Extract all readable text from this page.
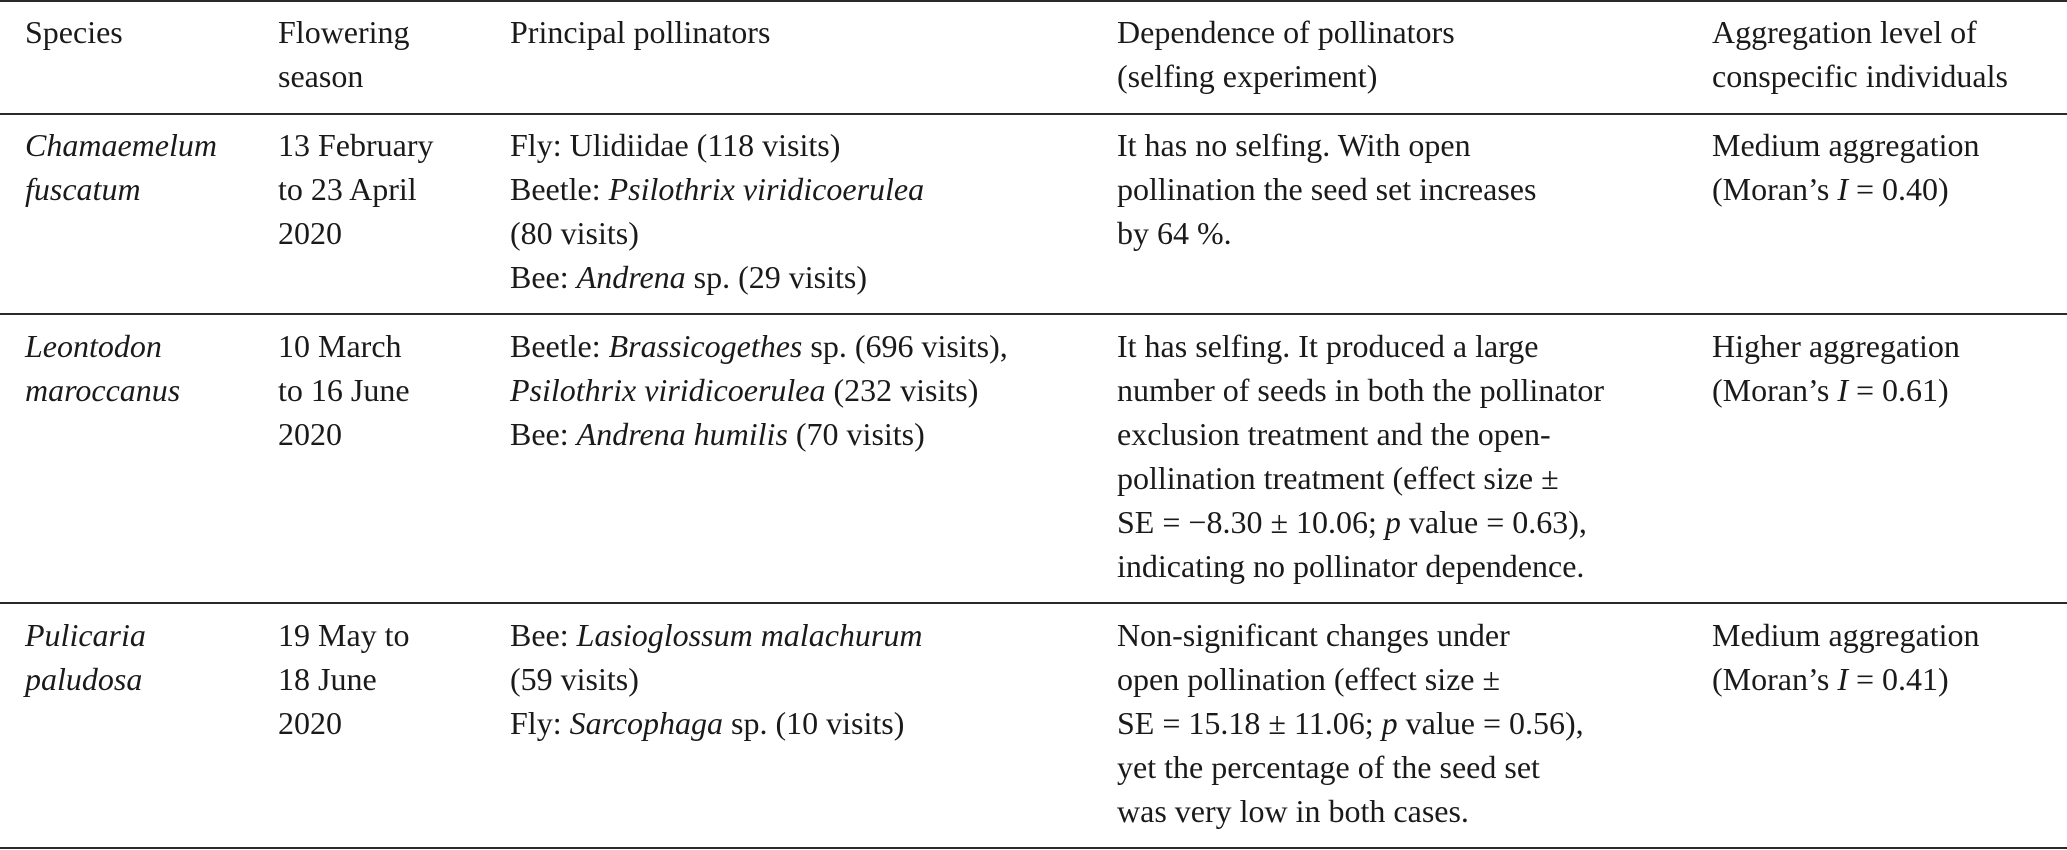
Species	Flowering
season
Principal pollinators	Dependence of pollinators
(selfing experiment)
Aggregation level of
conspecific individuals
Chamaemelum
fuscatum
13 February
to 23 April
2020
Fly: Ulidiidae (118 visits)
Beetle: Psilothrix viridicoerulea
(80 visits)
Bee: Andrena sp. (29 visits)
It has no selfing. With open
pollination the seed set increases
by 64 %.
Medium aggregation
(Moran’s I = 0.40)
Leontodon
maroccanus
10 March
to 16 June
2020
Beetle: Brassicogethes sp. (696 visits),
Psilothrix viridicoerulea (232 visits)
Bee: Andrena humilis (70 visits)
It has selfing. It produced a large
number of seeds in both the pollinator
exclusion treatment and the open-
pollination treatment (effect size ±
SE = −8.30 ± 10.06; p value = 0.63),
indicating no pollinator dependence.
Higher aggregation
(Moran’s I = 0.61)
Pulicaria
paludosa
19 May to
18 June
2020
Bee: Lasioglossum malachurum
(59 visits)
Fly: Sarcophaga sp. (10 visits)
Non-significant changes under
open pollination (effect size ±
SE = 15.18 ± 11.06; p value = 0.56),
yet the percentage of the seed set
was very low in both cases.
Medium aggregation
(Moran’s I = 0.41)
